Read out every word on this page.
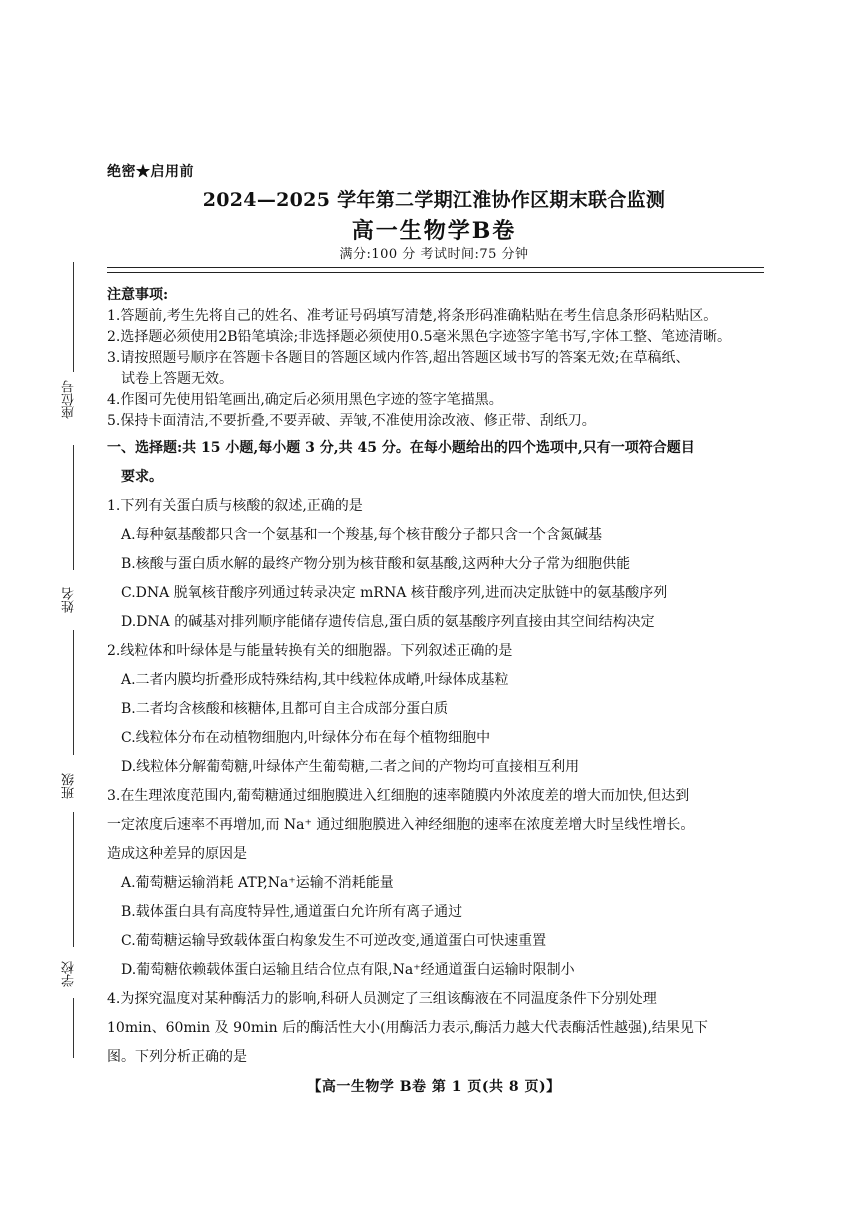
座位号
姓名
班级
学校
绝密★启用前
2024—2025 学年第二学期江淮协作区期末联合监测
高一生物学B卷
满分:100 分 考试时间:75 分钟
注意事项:
1.答题前,考生先将自己的姓名、准考证号码填写清楚,将条形码准确粘贴在考生信息条形码粘贴区。
2.选择题必须使用2B铅笔填涂;非选择题必须使用0.5毫米黑色字迹签字笔书写,字体工整、笔迹清晰。
3.请按照题号顺序在答题卡各题目的答题区域内作答,超出答题区域书写的答案无效;在草稿纸、
试卷上答题无效。
4.作图可先使用铅笔画出,确定后必须用黑色字迹的签字笔描黑。
5.保持卡面清洁,不要折叠,不要弄破、弄皱,不准使用涂改液、修正带、刮纸刀。
一、选择题:共 15 小题,每小题 3 分,共 45 分。在每小题给出的四个选项中,只有一项符合题目
要求。
1.下列有关蛋白质与核酸的叙述,正确的是
A.每种氨基酸都只含一个氨基和一个羧基,每个核苷酸分子都只含一个含氮碱基
B.核酸与蛋白质水解的最终产物分别为核苷酸和氨基酸,这两种大分子常为细胞供能
C.DNA 脱氧核苷酸序列通过转录决定 mRNA 核苷酸序列,进而决定肽链中的氨基酸序列
D.DNA 的碱基对排列顺序能储存遗传信息,蛋白质的氨基酸序列直接由其空间结构决定
2.线粒体和叶绿体是与能量转换有关的细胞器。下列叙述正确的是
A.二者内膜均折叠形成特殊结构,其中线粒体成嵴,叶绿体成基粒
B.二者均含核酸和核糖体,且都可自主合成部分蛋白质
C.线粒体分布在动植物细胞内,叶绿体分布在每个植物细胞中
D.线粒体分解葡萄糖,叶绿体产生葡萄糖,二者之间的产物均可直接相互利用
3.在生理浓度范围内,葡萄糖通过细胞膜进入红细胞的速率随膜内外浓度差的增大而加快,但达到
一定浓度后速率不再增加,而 Na⁺ 通过细胞膜进入神经细胞的速率在浓度差增大时呈线性增长。
造成这种差异的原因是
A.葡萄糖运输消耗 ATP,Na⁺运输不消耗能量
B.载体蛋白具有高度特异性,通道蛋白允许所有离子通过
C.葡萄糖运输导致载体蛋白构象发生不可逆改变,通道蛋白可快速重置
D.葡萄糖依赖载体蛋白运输且结合位点有限,Na⁺经通道蛋白运输时限制小
4.为探究温度对某种酶活力的影响,科研人员测定了三组该酶液在不同温度条件下分别处理
10min、60min 及 90min 后的酶活性大小(用酶活力表示,酶活力越大代表酶活性越强),结果见下
图。下列分析正确的是
【高一生物学 B卷 第 1 页(共 8 页)】
